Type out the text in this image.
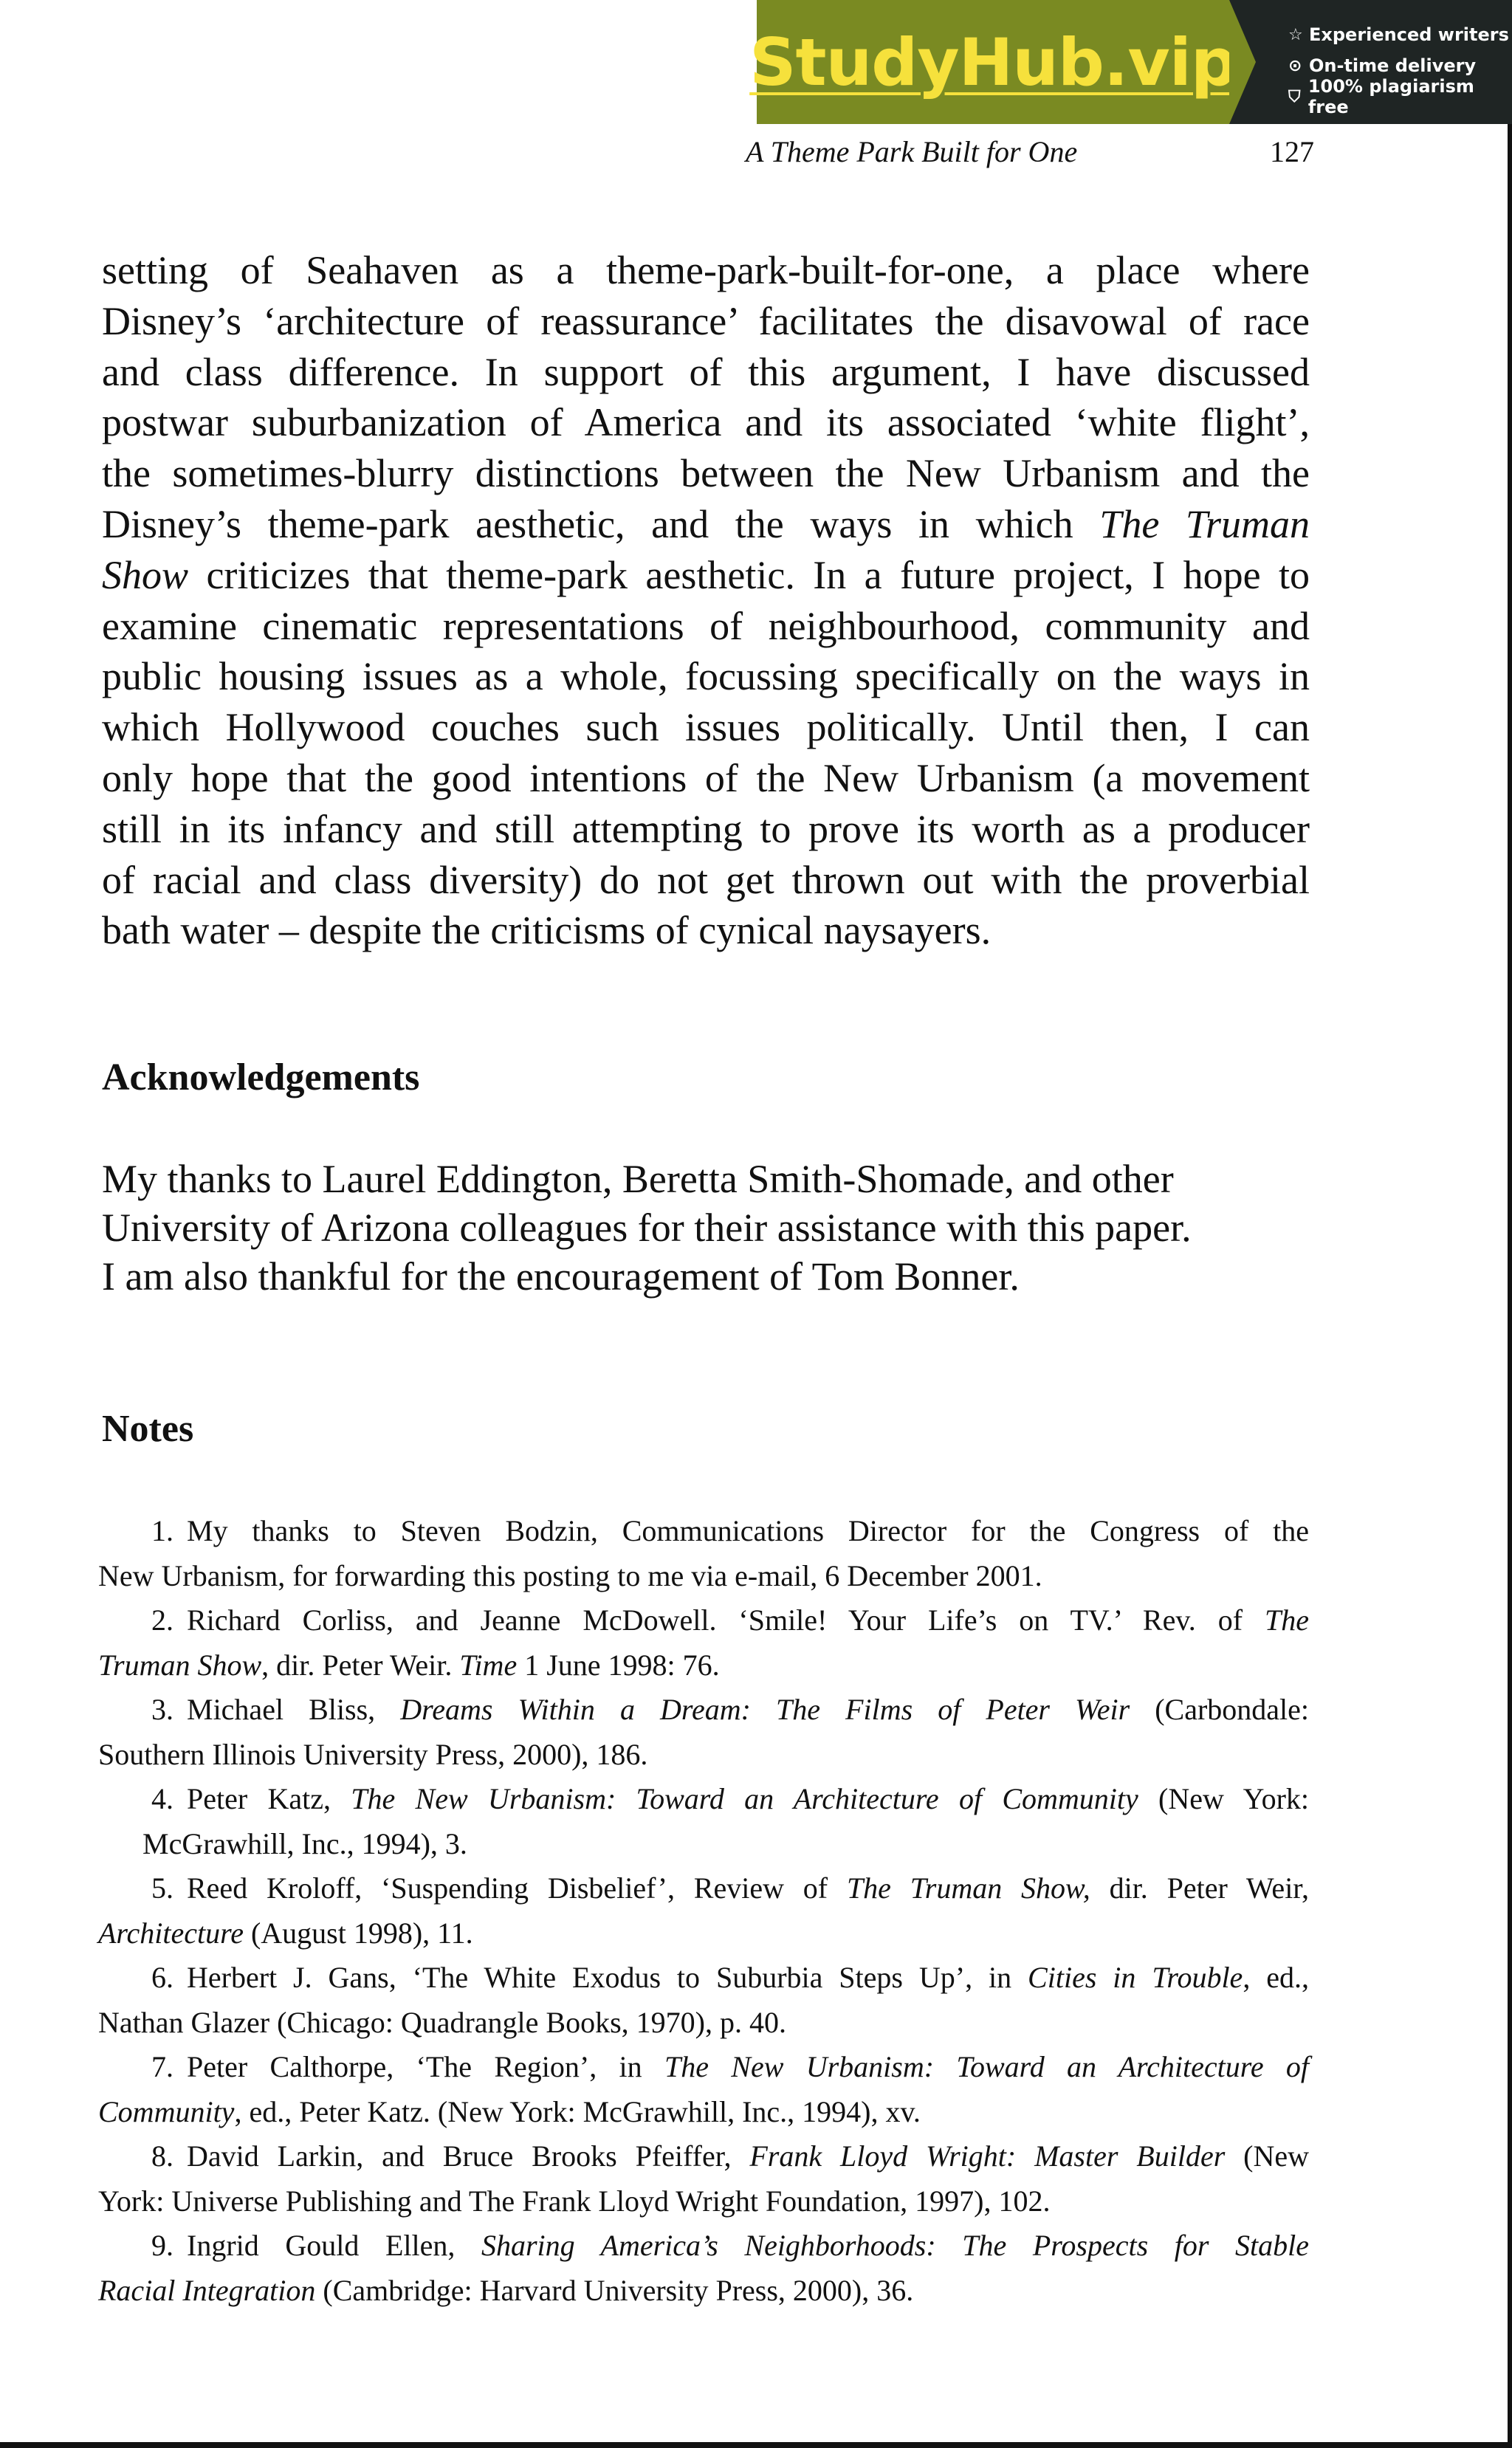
StudyHub.vip	☆ Experienced writers
⊙ On-time delivery
⛉ 100% plagiarism free
A Theme Park Built for One	127
setting of Seahaven as a theme-park-built-for-one, a place where
Disney’s ‘architecture of reassurance’ facilitates the disavowal of race
and class difference. In support of this argument, I have discussed
postwar suburbanization of America and its associated ‘white flight’,
the sometimes-blurry distinctions between the New Urbanism and the
Disney’s theme-park aesthetic, and the ways in which The Truman
Show criticizes that theme-park aesthetic. In a future project, I hope to
examine cinematic representations of neighbourhood, community and
public housing issues as a whole, focussing specifically on the ways in
which Hollywood couches such issues politically. Until then, I can
only hope that the good intentions of the New Urbanism (a movement
still in its infancy and still attempting to prove its worth as a producer
of racial and class diversity) do not get thrown out with the proverbial
bath water – despite the criticisms of cynical naysayers.
Acknowledgements
My thanks to Laurel Eddington, Beretta Smith-Shomade, and other
University of Arizona colleagues for their assistance with this paper.
I am also thankful for the encouragement of Tom Bonner.
Notes
1. My thanks to Steven Bodzin, Communications Director for the Congress of the
New Urbanism, for forwarding this posting to me via e-mail, 6 December 2001.
2. Richard Corliss, and Jeanne McDowell. ‘Smile! Your Life’s on TV.’ Rev. of The
Truman Show, dir. Peter Weir. Time 1 June 1998: 76.
3. Michael Bliss, Dreams Within a Dream: The Films of Peter Weir (Carbondale:
Southern Illinois University Press, 2000), 186.
4. Peter Katz, The New Urbanism: Toward an Architecture of Community (New York:
McGrawhill, Inc., 1994), 3.
5. Reed Kroloff, ‘Suspending Disbelief’, Review of The Truman Show, dir. Peter Weir,
Architecture (August 1998), 11.
6. Herbert J. Gans, ‘The White Exodus to Suburbia Steps Up’, in Cities in Trouble, ed.,
Nathan Glazer (Chicago: Quadrangle Books, 1970), p. 40.
7. Peter Calthorpe, ‘The Region’, in The New Urbanism: Toward an Architecture of
Community, ed., Peter Katz. (New York: McGrawhill, Inc., 1994), xv.
8. David Larkin, and Bruce Brooks Pfeiffer, Frank Lloyd Wright: Master Builder (New
York: Universe Publishing and The Frank Lloyd Wright Foundation, 1997), 102.
9. Ingrid Gould Ellen, Sharing America’s Neighborhoods: The Prospects for Stable
Racial Integration (Cambridge: Harvard University Press, 2000), 36.
